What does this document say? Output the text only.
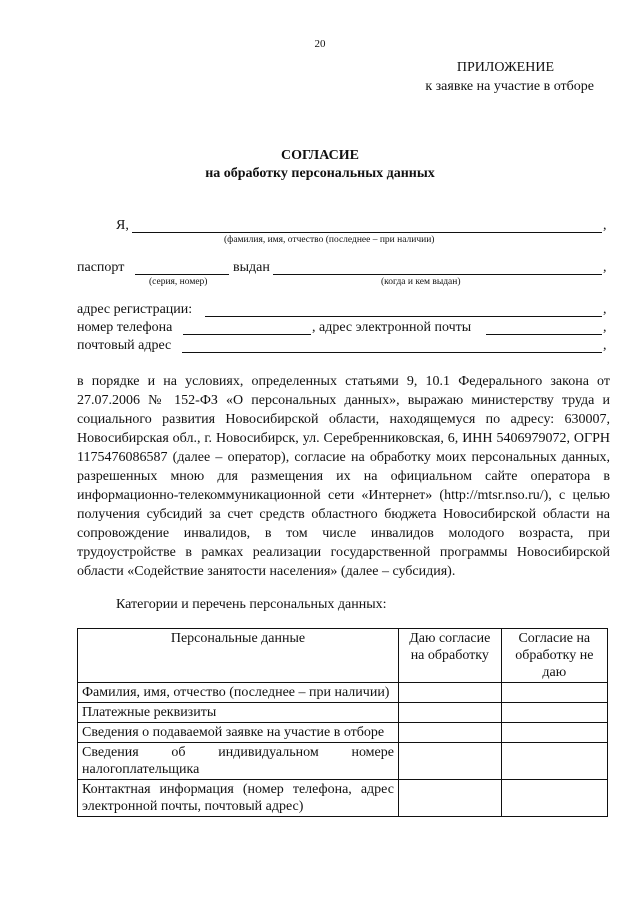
20
ПРИЛОЖЕНИЕ
к заявке на участие в отборе
СОГЛАСИЕ
на обработку персональных данных
Я,	,
(фамилия, имя, отчество (последнее – при наличии)
паспорт	выдан	,
(серия, номер)	(когда и кем выдан)
адрес регистрации:	,
номер телефона	, адрес электронной почты	,
почтовый адрес	,
в порядке и на условиях, определенных статьями 9, 10.1 Федерального закона от 27.07.2006 № 152-ФЗ «О персональных данных», выражаю министерству труда и социального развития Новосибирской области, находящемуся по адресу: 630007, Новосибирская обл., г. Новосибирск, ул. Серебренниковская, 6, ИНН 5406979072, ОГРН 1175476086587 (далее – оператор), согласие на обработку моих персональных данных, разрешенных мною для размещения их на официальном сайте оператора в информационно-телекоммуникационной сети «Интернет» (http://mtsr.nso.ru/), с целью получения субсидий за счет средств областного бюджета Новосибирской области на сопровождение инвалидов, в том числе инвалидов молодого возраста, при трудоустройстве в рамках реализации государственной программы Новосибирской области «Содействие занятости населения» (далее – субсидия).
Категории и перечень персональных данных:
Персональные данные	Даю согласие на обработку	Согласие на обработку не даю
Фамилия, имя, отчество (последнее – при наличии)		
Платежные реквизиты		
Сведения о подаваемой заявке на участие в отборе		
Сведения об индивидуальном номере налогоплательщика		
Контактная информация (номер телефона, адрес электронной почты, почтовый адрес)		
